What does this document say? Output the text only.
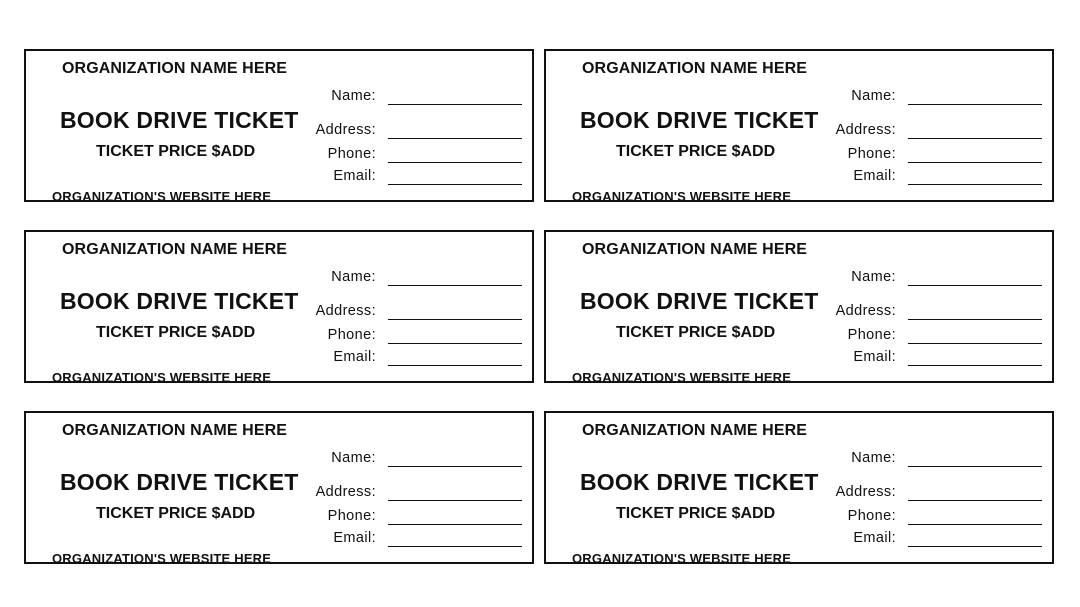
ORGANIZATION NAME HERE
BOOK DRIVE TICKET
TICKET PRICE $ADD
ORGANIZATION'S WEBSITE HERE
Name:
Address:
Phone:
Email:
ORGANIZATION NAME HERE
BOOK DRIVE TICKET
TICKET PRICE $ADD
ORGANIZATION'S WEBSITE HERE
Name:
Address:
Phone:
Email:
ORGANIZATION NAME HERE
BOOK DRIVE TICKET
TICKET PRICE $ADD
ORGANIZATION'S WEBSITE HERE
Name:
Address:
Phone:
Email:
ORGANIZATION NAME HERE
BOOK DRIVE TICKET
TICKET PRICE $ADD
ORGANIZATION'S WEBSITE HERE
Name:
Address:
Phone:
Email:
ORGANIZATION NAME HERE
BOOK DRIVE TICKET
TICKET PRICE $ADD
ORGANIZATION'S WEBSITE HERE
Name:
Address:
Phone:
Email:
ORGANIZATION NAME HERE
BOOK DRIVE TICKET
TICKET PRICE $ADD
ORGANIZATION'S WEBSITE HERE
Name:
Address:
Phone:
Email:
